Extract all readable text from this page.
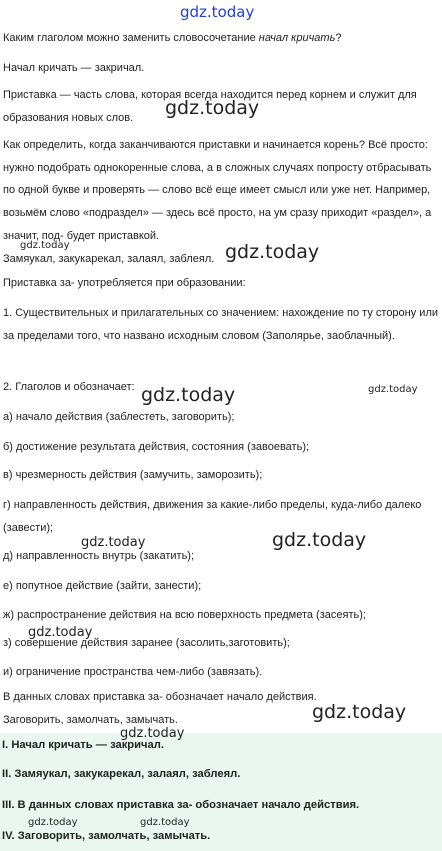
gdz.today

Каким глаголом можно заменить словосочетание начал кричать?

Начал кричать — закричал.

Приставка — часть слова, которая всегда находится перед корнем и служит для образования новых слов.

Как определить, когда заканчиваются приставки и начинается корень? Всё просто: нужно подобрать однокоренные слова, а в сложных случаях попросту отбрасывать по одной букве и проверять — слово всё еще имеет смысл или уже нет. Например, возьмём слово «подраздел» — здесь всё просто, на ум сразу приходит «раздел», а значит, под- будет приставкой.

Замяукал, закукарекал, залаял, заблеял.

Приставка за- употребляется при образовании:

1. Существительных и прилагательных со значением: нахождение по ту сторону или за пределами того, что названо исходным словом (Заполярье, заоблачный).

2. Глаголов и обозначает:

а) начало действия (заблестеть, заговорить);

б) достижение результата действия, состояния (завоевать);

в) чрезмерность действия (замучить, заморозить);

г) направленность действия, движения за какие-либо пределы, куда-либо далеко (завести);

д) направленность внутрь (закатить);

е) попутное действие (зайти, занести);

ж) распространение действия на всю поверхность предмета (засеять);

з) совершение действия заранее (засолить,заготовить);

и) ограничение пространства чем-либо (завязать).

В данных словах приставка за- обозначает начало действия.

Заговорить, замолчать, замычать.

I. Начал кричать — закричал.
II. Замяукал, закукарекал, залаял, заблеял.
III. В данных словах приставка за- обозначает начало действия.
IV. Заговорить, замолчать, замычать.
gdz.today
gdz.today	gdz.today
gdz.today	gdz.today
gdz.today	gdz.today
gdz.today
gdz.today
gdz.today
gdz.today	gdz.today
